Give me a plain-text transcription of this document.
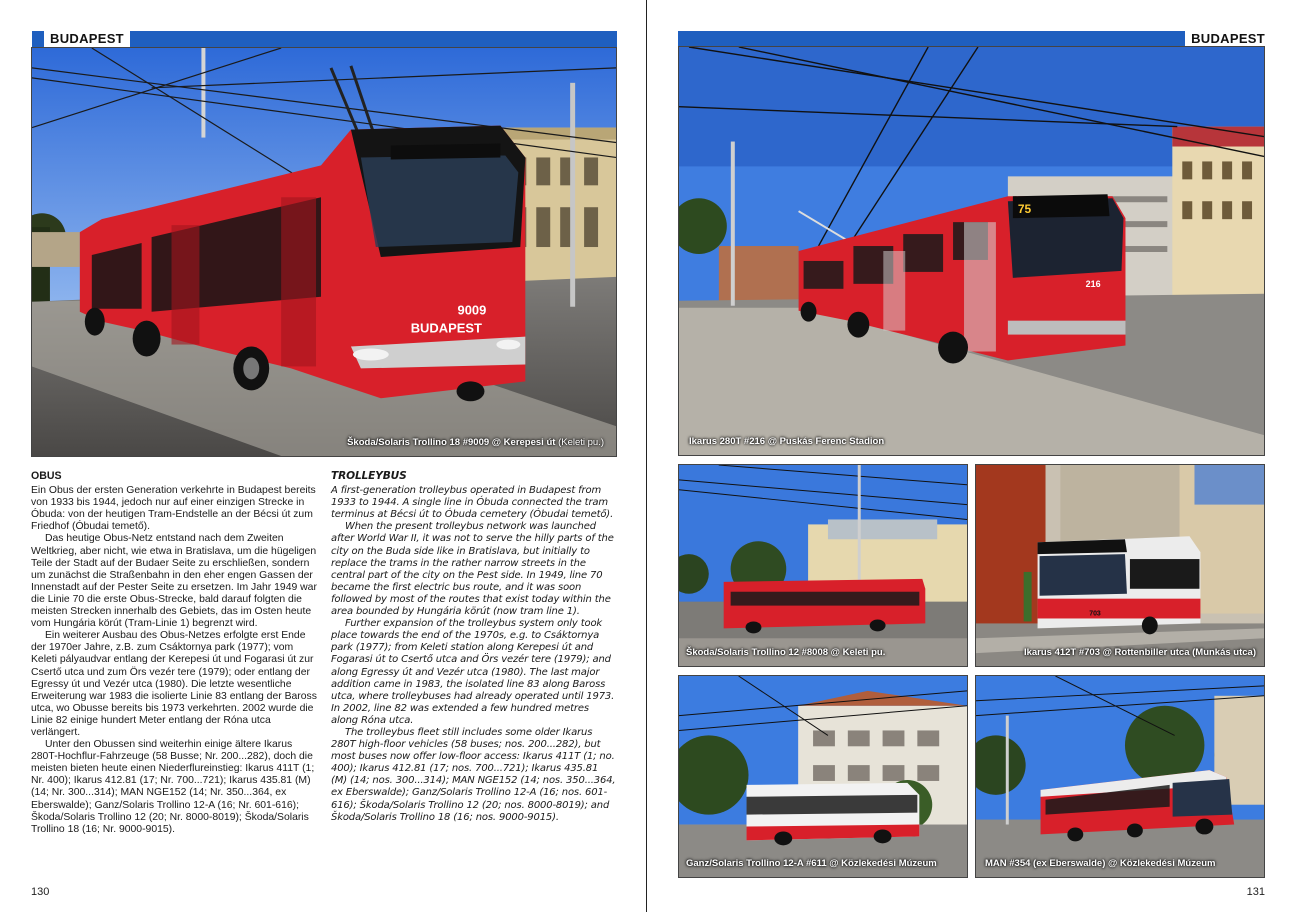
BUDAPEST
BUDAPEST
9009
Škoda/Solaris Trollino 18 #9009 @ Kerepesi út (Keleti pu.)
OBUS

Ein Obus der ersten Generation verkehrte in Budapest bereits von 1933 bis 1944, jedoch nur auf einer einzigen Strecke in Óbuda: von der heutigen Tram-Endstelle an der Bécsi út zum Friedhof (Óbudai temető).

Das heutige Obus-Netz entstand nach dem Zweiten Weltkrieg, aber nicht, wie etwa in Bratislava, um die hügeligen Teile der Stadt auf der Budaer Seite zu erschließen, sondern um zunächst die Straßenbahn in den eher engen Gassen der Innenstadt auf der Pester Seite zu ersetzen. Im Jahr 1949 war die Linie 70 die erste Obus-Strecke, bald darauf folgten die meisten Strecken innerhalb des Gebiets, das im Osten heute vom Hungária körút (Tram-Linie 1) begrenzt wird.

Ein weiterer Ausbau des Obus-Netzes erfolgte erst Ende der 1970er Jahre, z.B. zum Csáktornya park (1977); vom Keleti pályaudvar entlang der Kerepesi út und Fogarasi út zur Csertő utca und zum Örs vezér tere (1979); oder entlang der Egressy út und Vezér utca (1980). Die letzte wesentliche Erweiterung war 1983 die isolierte Linie 83 entlang der Baross utca, wo Obusse bereits bis 1973 verkehrten. 2002 wurde die Linie 82 einige hundert Meter entlang der Róna utca verlängert.

Unter den Obussen sind weiterhin einige ältere Ikarus 280T-Hochflur-Fahrzeuge (58 Busse; Nr. 200...282), doch die meisten bieten heute einen Niederflureinstieg: Ikarus 411T (1; Nr. 400); Ikarus 412.81 (17; Nr. 700...721); Ikarus 435.81 (M) (14; Nr. 300...314); MAN NGE152 (14; Nr. 350...364, ex Eberswalde); Ganz/Solaris Trollino 12-A (16; Nr. 601-616); Škoda/Solaris Trollino 12 (20; Nr. 8000-8019); Škoda/Solaris Trollino 18 (16; Nr. 9000-9015).

TROLLEYBUS

A first-generation trolleybus operated in Budapest from 1933 to 1944. A single line in Óbuda connected the tram terminus at Bécsi út to Óbuda cemetery (Óbudai temető).

When the present trolleybus network was launched after World War II, it was not to serve the hilly parts of the city on the Buda side like in Bratislava, but initially to replace the trams in the rather narrow streets in the central part of the city on the Pest side. In 1949, line 70 became the first electric bus route, and it was soon followed by most of the routes that exist today within the area bounded by Hungária körút (now tram line 1).

Further expansion of the trolleybus system only took place towards the end of the 1970s, e.g. to Csáktornya park (1977); from Keleti station along Kerepesi út and Fogarasi út to Csertő utca and Örs vezér tere (1979); and along Egressy út and Vezér utca (1980). The last major addition came in 1983, the isolated line 83 along Baross utca, where trolleybuses had already operated until 1973. In 2002, line 82 was extended a few hundred metres along Róna utca.

The trolleybus fleet still includes some older Ikarus 280T high-floor vehicles (58 buses; nos. 200...282), but most buses now offer low-floor access: Ikarus 411T (1; no. 400); Ikarus 412.81 (17; nos. 700...721); Ikarus 435.81 (M) (14; nos. 300...314); MAN NGE152 (14; nos. 350...364, ex Eberswalde); Ganz/Solaris Trollino 12-A (16; nos. 601-616); Škoda/Solaris Trollino 12 (20; nos. 8000-8019); and Škoda/Solaris Trollino 18 (16; nos. 9000-9015).

130
BUDAPEST
75
216
Ikarus 280T #216 @ Puskás Ferenc Stadion
Škoda/Solaris Trollino 12 #8008 @ Keleti pu.
703
Ikarus 412T #703 @ Rottenbiller utca (Munkás utca)
Ganz/Solaris Trollino 12-A #611 @ Közlekedési Múzeum	MAN #354 (ex Eberswalde) @ Közlekedési Múzeum
131
